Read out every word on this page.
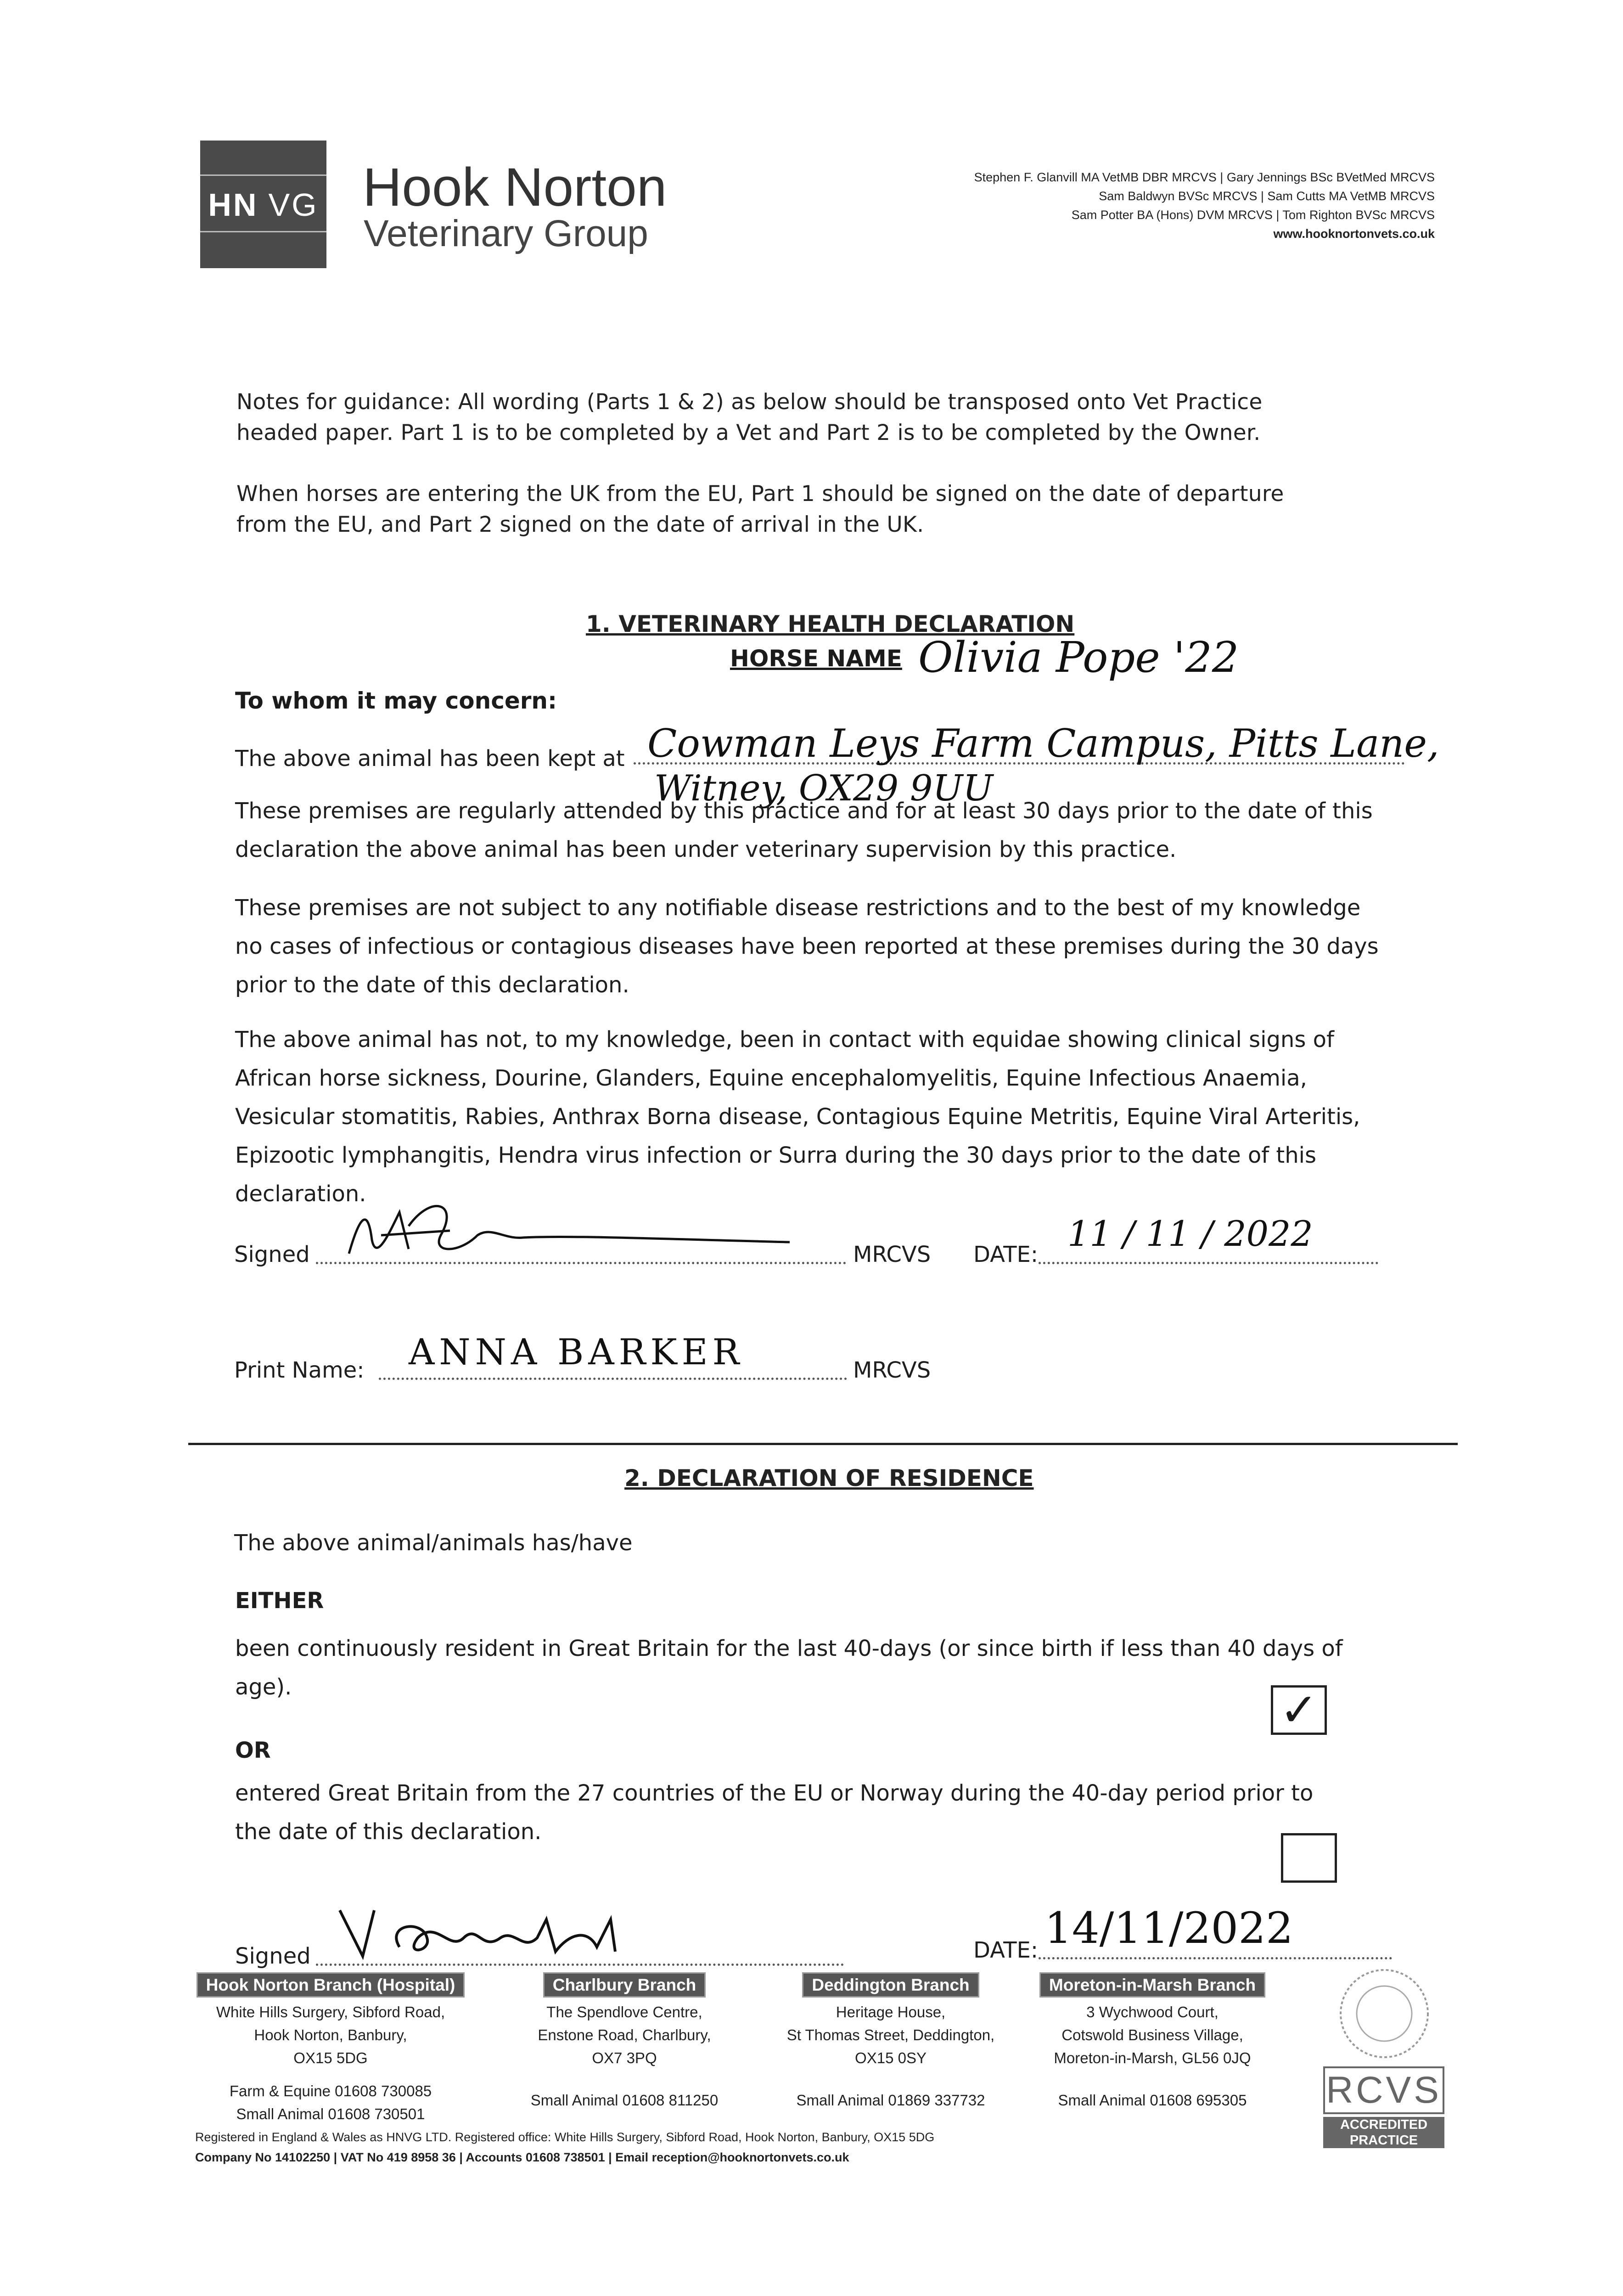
HN VG Hook Norton
Veterinary Group
Stephen F. Glanvill MA VetMB DBR MRCVS | Gary Jennings BSc BVetMed MRCVS
Sam Baldwyn BVSc MRCVS | Sam Cutts MA VetMB MRCVS
Sam Potter BA (Hons) DVM MRCVS | Tom Righton BVSc MRCVS
www.hooknortonvets.co.uk
Notes for guidance: All wording (Parts 1 & 2) as below should be transposed onto Vet Practice
headed paper. Part 1 is to be completed by a Vet and Part 2 is to be completed by the Owner.
When horses are entering the UK from the EU, Part 1 should be signed on the date of departure
from the EU, and Part 2 signed on the date of arrival in the UK.
1. VETERINARY HEALTH DECLARATION
HORSE NAME Olivia Pope '22
To whom it may concern:
The above animal has been kept at Cowman Leys Farm Campus, Pitts Lane,
Witney, OX29 9UU
These premises are regularly attended by this practice and for at least 30 days prior to the date of this
declaration the above animal has been under veterinary supervision by this practice.
These premises are not subject to any notifiable disease restrictions and to the best of my knowledge
no cases of infectious or contagious diseases have been reported at these premises during the 30 days
prior to the date of this declaration.
The above animal has not, to my knowledge, been in contact with equidae showing clinical signs of
African horse sickness, Dourine, Glanders, Equine encephalomyelitis, Equine Infectious Anaemia,
Vesicular stomatitis, Rabies, Anthrax Borna disease, Contagious Equine Metritis, Equine Viral Arteritis,
Epizootic lymphangitis, Hendra virus infection or Surra during the 30 days prior to the date of this
declaration.
Signed	MRCVS DATE:
11 / 11 / 2022
Print Name: ANNA BARKER	MRCVS
2. DECLARATION OF RESIDENCE
The above animal/animals has/have
EITHER
been continuously resident in Great Britain for the last 40-days (or since birth if less than 40 days of
age).	✓
OR
entered Great Britain from the 27 countries of the EU or Norway during the 40-day period prior to
the date of this declaration.
Signed	DATE: 14/11/2022
Hook Norton Branch (Hospital)
White Hills Surgery, Sibford Road,
Hook Norton, Banbury,
OX15 5DG
Farm & Equine 01608 730085
Small Animal 01608 730501
Charlbury Branch
The Spendlove Centre,
Enstone Road, Charlbury,
OX7 3PQ
Small Animal 01608 811250
Deddington Branch
Heritage House,
St Thomas Street, Deddington,
OX15 0SY
Small Animal 01869 337732
Moreton-in-Marsh Branch
3 Wychwood Court,
Cotswold Business Village,
Moreton-in-Marsh, GL56 0JQ
Small Animal 01608 695305	RCVS
ACCREDITED
PRACTICE
Registered in England & Wales as HNVG LTD. Registered office: White Hills Surgery, Sibford Road, Hook Norton, Banbury, OX15 5DG
Company No 14102250 | VAT No 419 8958 36 | Accounts 01608 738501 | Email reception@hooknortonvets.co.uk
